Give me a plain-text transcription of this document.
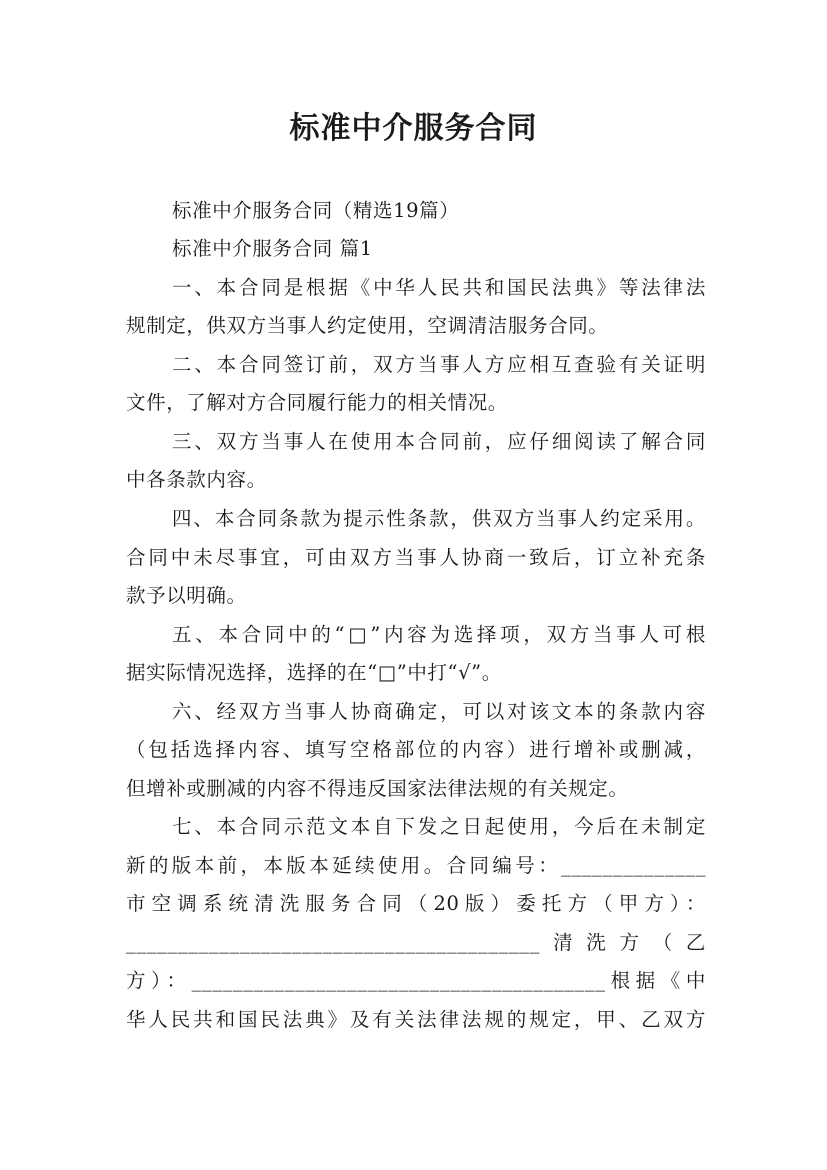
标准中介服务合同
标准中介服务合同（精选19篇）
标准中介服务合同 篇1
一、本合同是根据《中华人民共和国民法典》等法律法
规制定，供双方当事人约定使用，空调清洁服务合同。
二、本合同签订前，双方当事人方应相互查验有关证明
文件，了解对方合同履行能力的相关情况。
三、双方当事人在使用本合同前，应仔细阅读了解合同
中各条款内容。
四、本合同条款为提示性条款，供双方当事人约定采用。
合同中未尽事宜，可由双方当事人协商一致后，订立补充条
款予以明确。
五、本合同中的“□”内容为选择项，双方当事人可根
据实际情况选择，选择的在“□”中打“√”。
六、经双方当事人协商确定，可以对该文本的条款内容
（包括选择内容、填写空格部位的内容）进行增补或删减，
但增补或删减的内容不得违反国家法律法规的有关规定。
七、本合同示范文本自下发之日起使用，今后在未制定
新的版本前，本版本延续使用。合同编号：______________
市空调系统清洗服务合同（20版）委托方（甲方）：
________________________________________清洗方（乙
方）：________________________________________根据《中
华人民共和国民法典》及有关法律法规的规定，甲、乙双方
